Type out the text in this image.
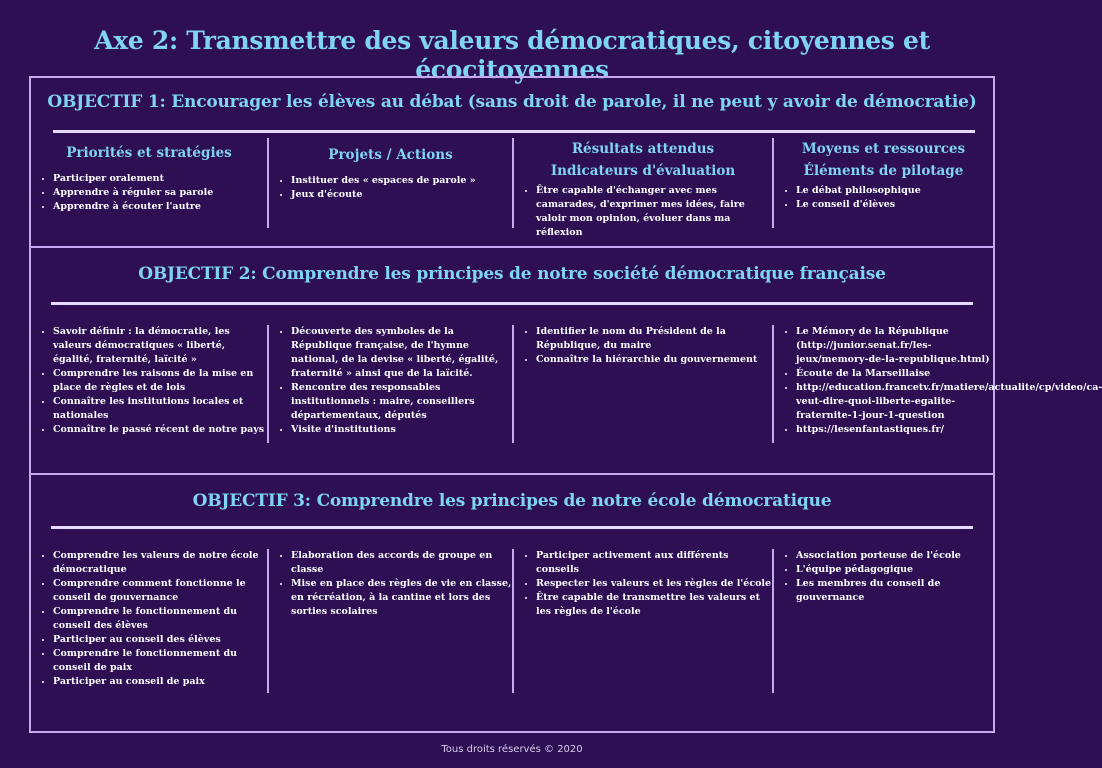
Axe 2: Transmettre des valeurs démocratiques, citoyennes et écocitoyennes
OBJECTIF 1: Encourager les élèves au débat (sans droit de parole, il ne peut y avoir de démocratie)
Priorités et stratégies
• Participer oralement
• Apprendre à réguler sa parole
• Apprendre à écouter l'autre
Projets / Actions
• Instituer des « espaces de parole »
• Jeux d'écoute
Résultats attendus
Indicateurs d'évaluation
• Être capable d'échanger avec mes camarades, d'exprimer mes idées, faire valoir mon opinion, évoluer dans ma réflexion
Moyens et ressources
Éléments de pilotage
• Le débat philosophique
• Le conseil d'élèves
OBJECTIF 2: Comprendre les principes de notre société démocratique française
• Savoir définir : la démocratie, les valeurs démocratiques « liberté, égalité, fraternité, laïcité »
• Comprendre les raisons de la mise en place de règles et de lois
• Connaître les institutions locales et nationales
• Connaître le passé récent de notre pays
• Découverte des symboles de la République française, de l'hymne national, de la devise « liberté, égalité, fraternité » ainsi que de la laïcité.
• Rencontre des responsables institutionnels : maire, conseillers départementaux, députés
• Visite d'institutions
• Identifier le nom du Président de la République, du maire
• Connaître la hiérarchie du gouvernement
• Le Mémory de la République (http://junior.senat.fr/les-jeux/memory-de-la-republique.html)
• Écoute de la Marseillaise
• http://education.francetv.fr/matiere/actualite/cp/video/ca-veut-dire-quoi-liberte-egalite-fraternite-1-jour-1-question
• https://lesenfantastiques.fr/
OBJECTIF 3: Comprendre les principes de notre école démocratique
• Comprendre les valeurs de notre école démocratique
• Comprendre comment fonctionne le conseil de gouvernance
• Comprendre le fonctionnement du conseil des élèves
• Participer au conseil des élèves
• Comprendre le fonctionnement du conseil de paix
• Participer au conseil de paix
• Elaboration des accords de groupe en classe
• Mise en place des règles de vie en classe, en récréation, à la cantine et lors des sorties scolaires
• Participer activement aux différents conseils
• Respecter les valeurs et les règles de l'école
• Être capable de transmettre les valeurs et les règles de l'école
• Association porteuse de l'école
• L'équipe pédagogique
• Les membres du conseil de gouvernance
Tous droits réservés © 2020
